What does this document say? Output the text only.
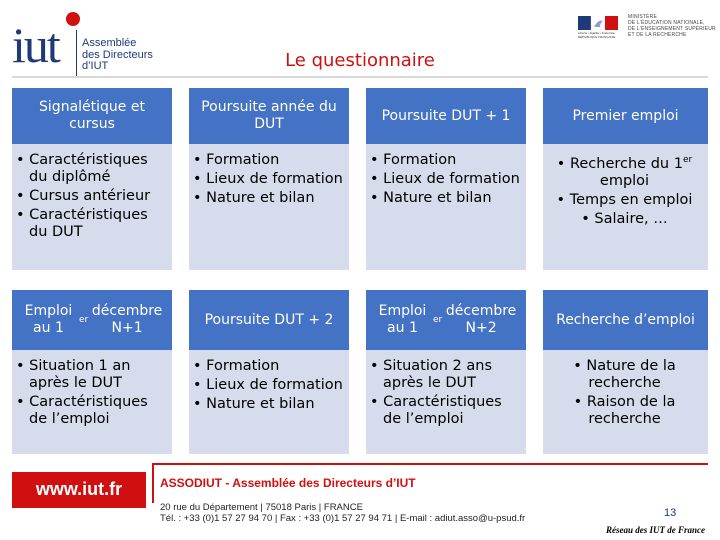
iut Assemblée
des Directeurs
d’IUT
Liberté • Égalité • Fraternité
RÉPUBLIQUE FRANÇAISE
MINISTÈRE
DE L’ÉDUCATION NATIONALE,
DE L’ENSEIGNEMENT SUPÉRIEUR
ET DE LA RECHERCHE
Le questionnaire
Signalétique et cursus
Poursuite année du DUT
Poursuite DUT + 1	Premier emploi
• Caractéristiques du diplômé
• Cursus antérieur
• Caractéristiques du DUT
• Formation
• Lieux de formation
• Nature et bilan
• Formation
• Lieux de formation
• Nature et bilan
• Recherche du 1er emploi
• Temps en emploi
• Salaire, …
Emploi au 1
er
décembre N+1
Poursuite DUT + 2
Emploi au 1
er
décembre N+2
Recherche d’emploi
• Situation 1 an après le DUT
• Caractéristiques de l’emploi
• Formation
• Lieux de formation
• Nature et bilan
• Situation 2 ans après le DUT
• Caractéristiques de l’emploi
• Nature de la recherche
• Raison de la recherche
www.iut.fr	ASSODIUT - Assemblée des Directeurs d’IUT
20 rue du Département | 75018 Paris | FRANCE
Tél. : +33 (0)1 57 27 94 70 | Fax : +33 (0)1 57 27 94 71 | E-mail : adiut.asso@u-psud.fr	13
Réseau des IUT de France
